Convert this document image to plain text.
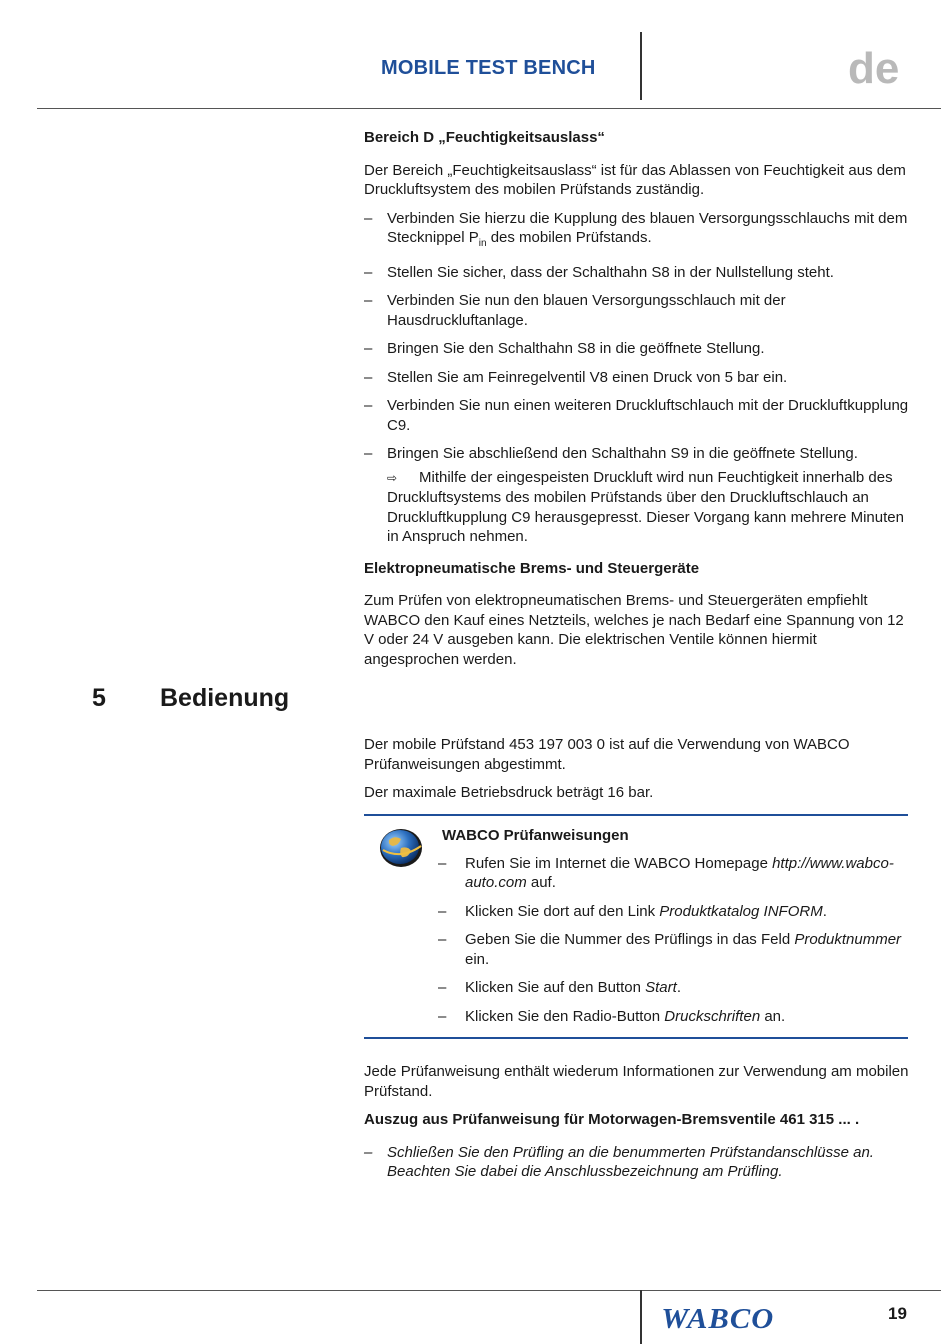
MOBILE TEST BENCH	de
Bereich D „Feuchtigkeitsauslass“
Der Bereich „Feuchtigkeitsauslass“ ist für das Ablassen von Feuchtigkeit aus dem Druckluftsystem des mobilen Prüfstands zuständig.
– Verbinden Sie hierzu die Kupplung des blauen Versorgungsschlauchs mit dem Stecknippel $P_{in}$ des mobilen Prüfstands.
– Stellen Sie sicher, dass der Schalthahn S8 in der Nullstellung steht.
– Verbinden Sie nun den blauen Versorgungsschlauch mit der Hausdruckluftanlage.
– Bringen Sie den Schalthahn S8 in die geöffnete Stellung.
– Stellen Sie am Feinregelventil V8 einen Druck von 5 bar ein.
– Verbinden Sie nun einen weiteren Druckluftschlauch mit der Druckluftkupplung C9.
– Bringen Sie abschließend den Schalthahn S9 in die geöffnete Stellung.
⇨ Mithilfe der eingespeisten Druckluft wird nun Feuchtigkeit innerhalb des Druckluftsystems des mobilen Prüfstands über den Druckluftschlauch an Druckluftkupplung C9 herausgepresst. Dieser Vorgang kann mehrere Minuten in Anspruch nehmen.
Elektropneumatische Brems- und Steuergeräte
Zum Prüfen von elektropneumatischen Brems- und Steuergeräten empfiehlt WABCO den Kauf eines Netzteils, welches je nach Bedarf eine Spannung von 12 V oder 24 V ausgeben kann. Die elektrischen Ventile können hiermit angesprochen werden.
5 Bedienung
Der mobile Prüfstand 453 197 003 0 ist auf die Verwendung von WABCO Prüfanweisungen abgestimmt.
Der maximale Betriebsdruck beträgt 16 bar.
WABCO Prüfanweisungen
– Rufen Sie im Internet die WABCO Homepage http://www.wabco-auto.com auf.
– Klicken Sie dort auf den Link Produktkatalog INFORM.
– Geben Sie die Nummer des Prüflings in das Feld Produktnummer ein.
– Klicken Sie auf den Button Start.
– Klicken Sie den Radio-Button Druckschriften an.
Jede Prüfanweisung enthält wiederum Informationen zur Verwendung am mobilen Prüfstand.
Auszug aus Prüfanweisung für Motorwagen-Bremsventile 461 315 ... .
– Schließen Sie den Prüfling an die benummerten Prüfstandanschlüsse an. Beachten Sie dabei die Anschlussbezeichnung am Prüfling.
WABCO	19
